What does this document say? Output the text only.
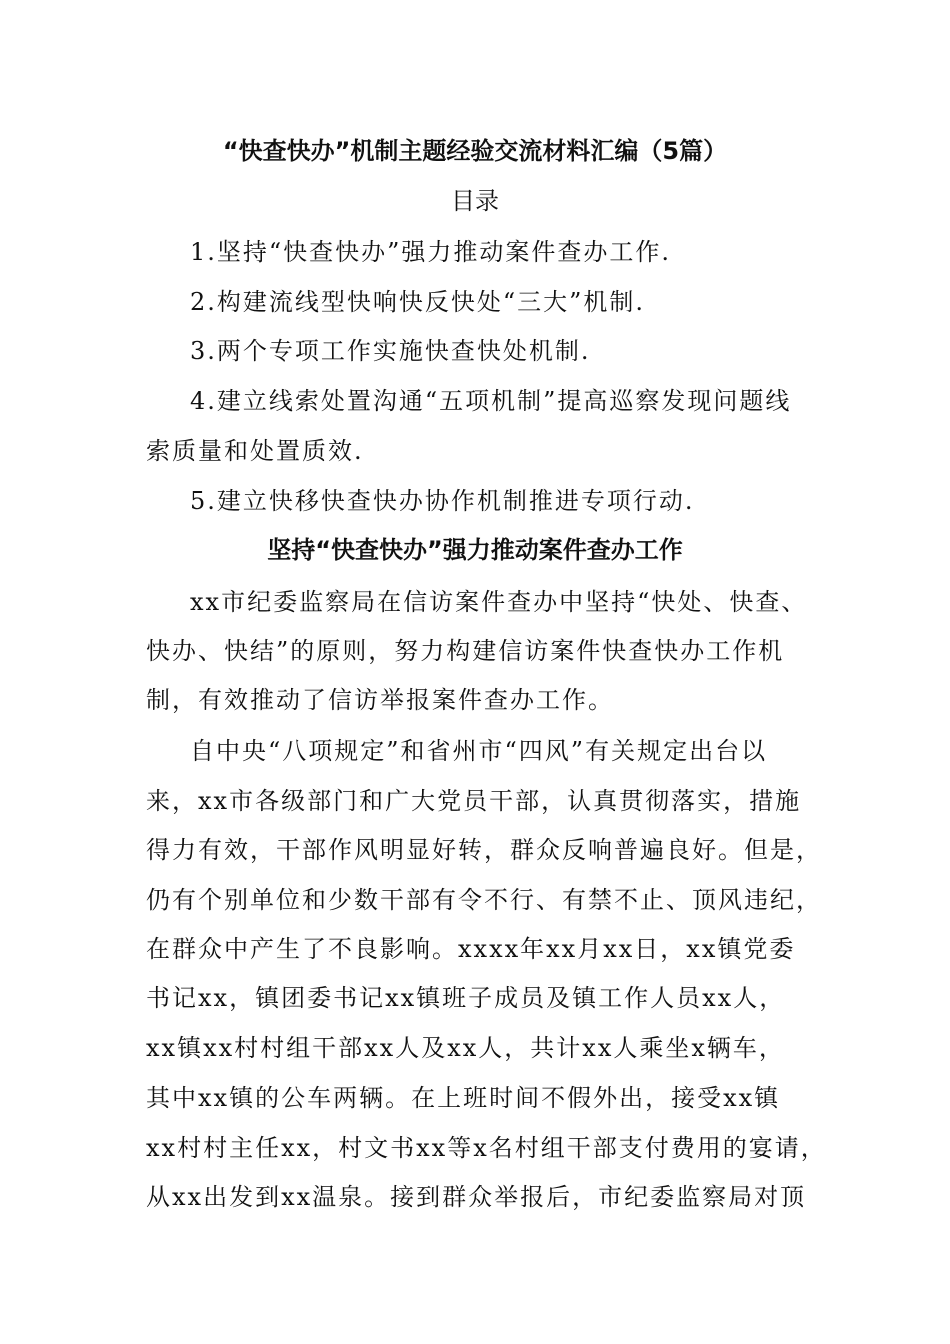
“快查快办”机制主题经验交流材料汇编（5篇）
目录
1.坚持“快查快办”强力推动案件查办工作.
2.构建流线型快响快反快处“三大”机制.
3.两个专项工作实施快查快处机制.
4.建立线索处置沟通“五项机制”提高巡察发现问题线
索质量和处置质效.
5.建立快移快查快办协作机制推进专项行动.
坚持“快查快办”强力推动案件查办工作
xx市纪委监察局在信访案件查办中坚持“快处、快查、
快办、快结”的原则，努力构建信访案件快查快办工作机
制，有效推动了信访举报案件查办工作。
自中央“八项规定”和省州市“四风”有关规定出台以
来，xx市各级部门和广大党员干部，认真贯彻落实，措施
得力有效，干部作风明显好转，群众反响普遍良好。但是，
仍有个别单位和少数干部有令不行、有禁不止、顶风违纪，
在群众中产生了不良影响。xxxx年xx月xx日，xx镇党委
书记xx，镇团委书记xx镇班子成员及镇工作人员xx人，
xx镇xx村村组干部xx人及xx人，共计xx人乘坐x辆车，
其中xx镇的公车两辆。在上班时间不假外出，接受xx镇
xx村村主任xx，村文书xx等x名村组干部支付费用的宴请，
从xx出发到xx温泉。接到群众举报后，市纪委监察局对顶
